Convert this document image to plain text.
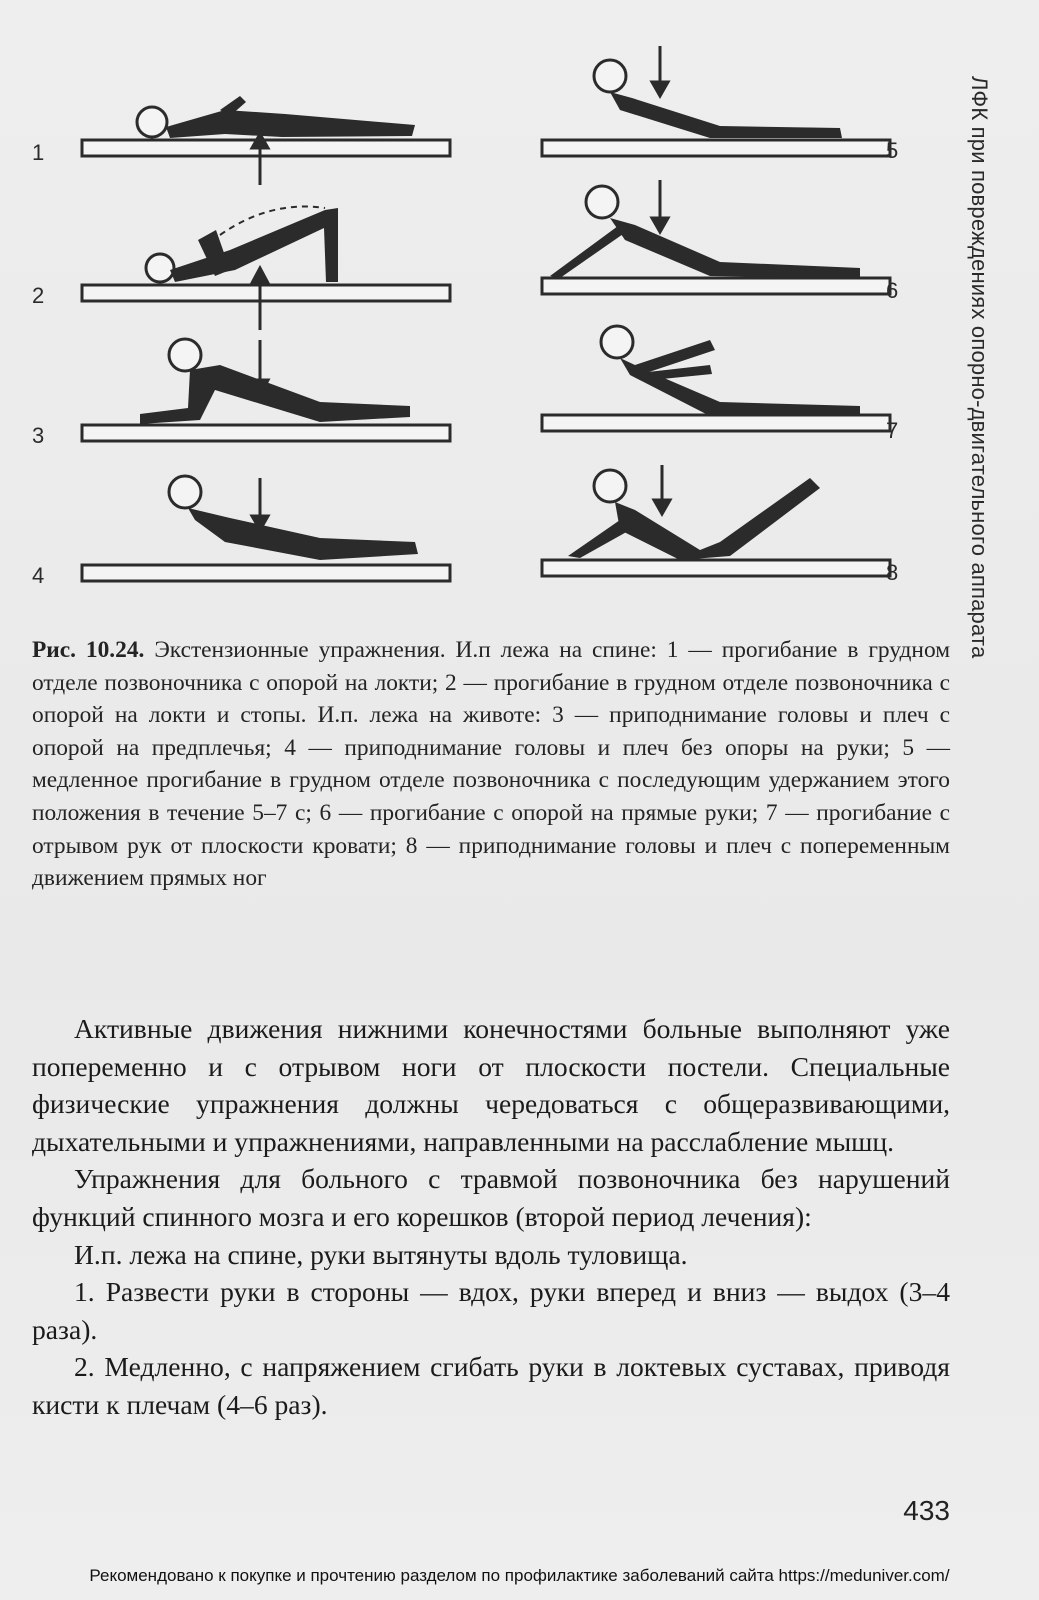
ЛФК при повреждениях опорно-двигательного аппарата
1
2
3
4
5
6
7
8
Рис. 10.24. Экстензионные упражнения. И.п лежа на спине: 1 — прогибание в грудном отделе позвоночника с опорой на локти; 2 — прогибание в грудном отделе позвоночника с опорой на локти и стопы. И.п. лежа на животе: 3 — приподнимание головы и плеч с опорой на предплечья; 4 — приподнимание головы и плеч без опоры на руки; 5 — медленное прогибание в грудном отделе позвоночника с последующим удержанием этого положения в течение 5–7 с; 6 — прогибание с опорой на прямые руки; 7 — прогибание с отрывом рук от плоскости кровати; 8 — приподнимание головы и плеч с попеременным движением прямых ног

Активные движения нижними конечностями больные выполняют уже попеременно и с отрывом ноги от плоскости постели. Специальные физические упражнения должны чередоваться с общеразвивающими, дыхательными и упражнениями, направленными на расслабление мышц.

Упражнения для больного с травмой позвоночника без нарушений функций спинного мозга и его корешков (второй период лечения):

И.п. лежа на спине, руки вытянуты вдоль туловища.

1. Развести руки в стороны — вдох, руки вперед и вниз — выдох (3–4 раза).

2. Медленно, с напряжением сгибать руки в локтевых суставах, приводя кисти к плечам (4–6 раз).

433
Рекомендовано к покупке и прочтению разделом по профилактике заболеваний сайта https://meduniver.com/
